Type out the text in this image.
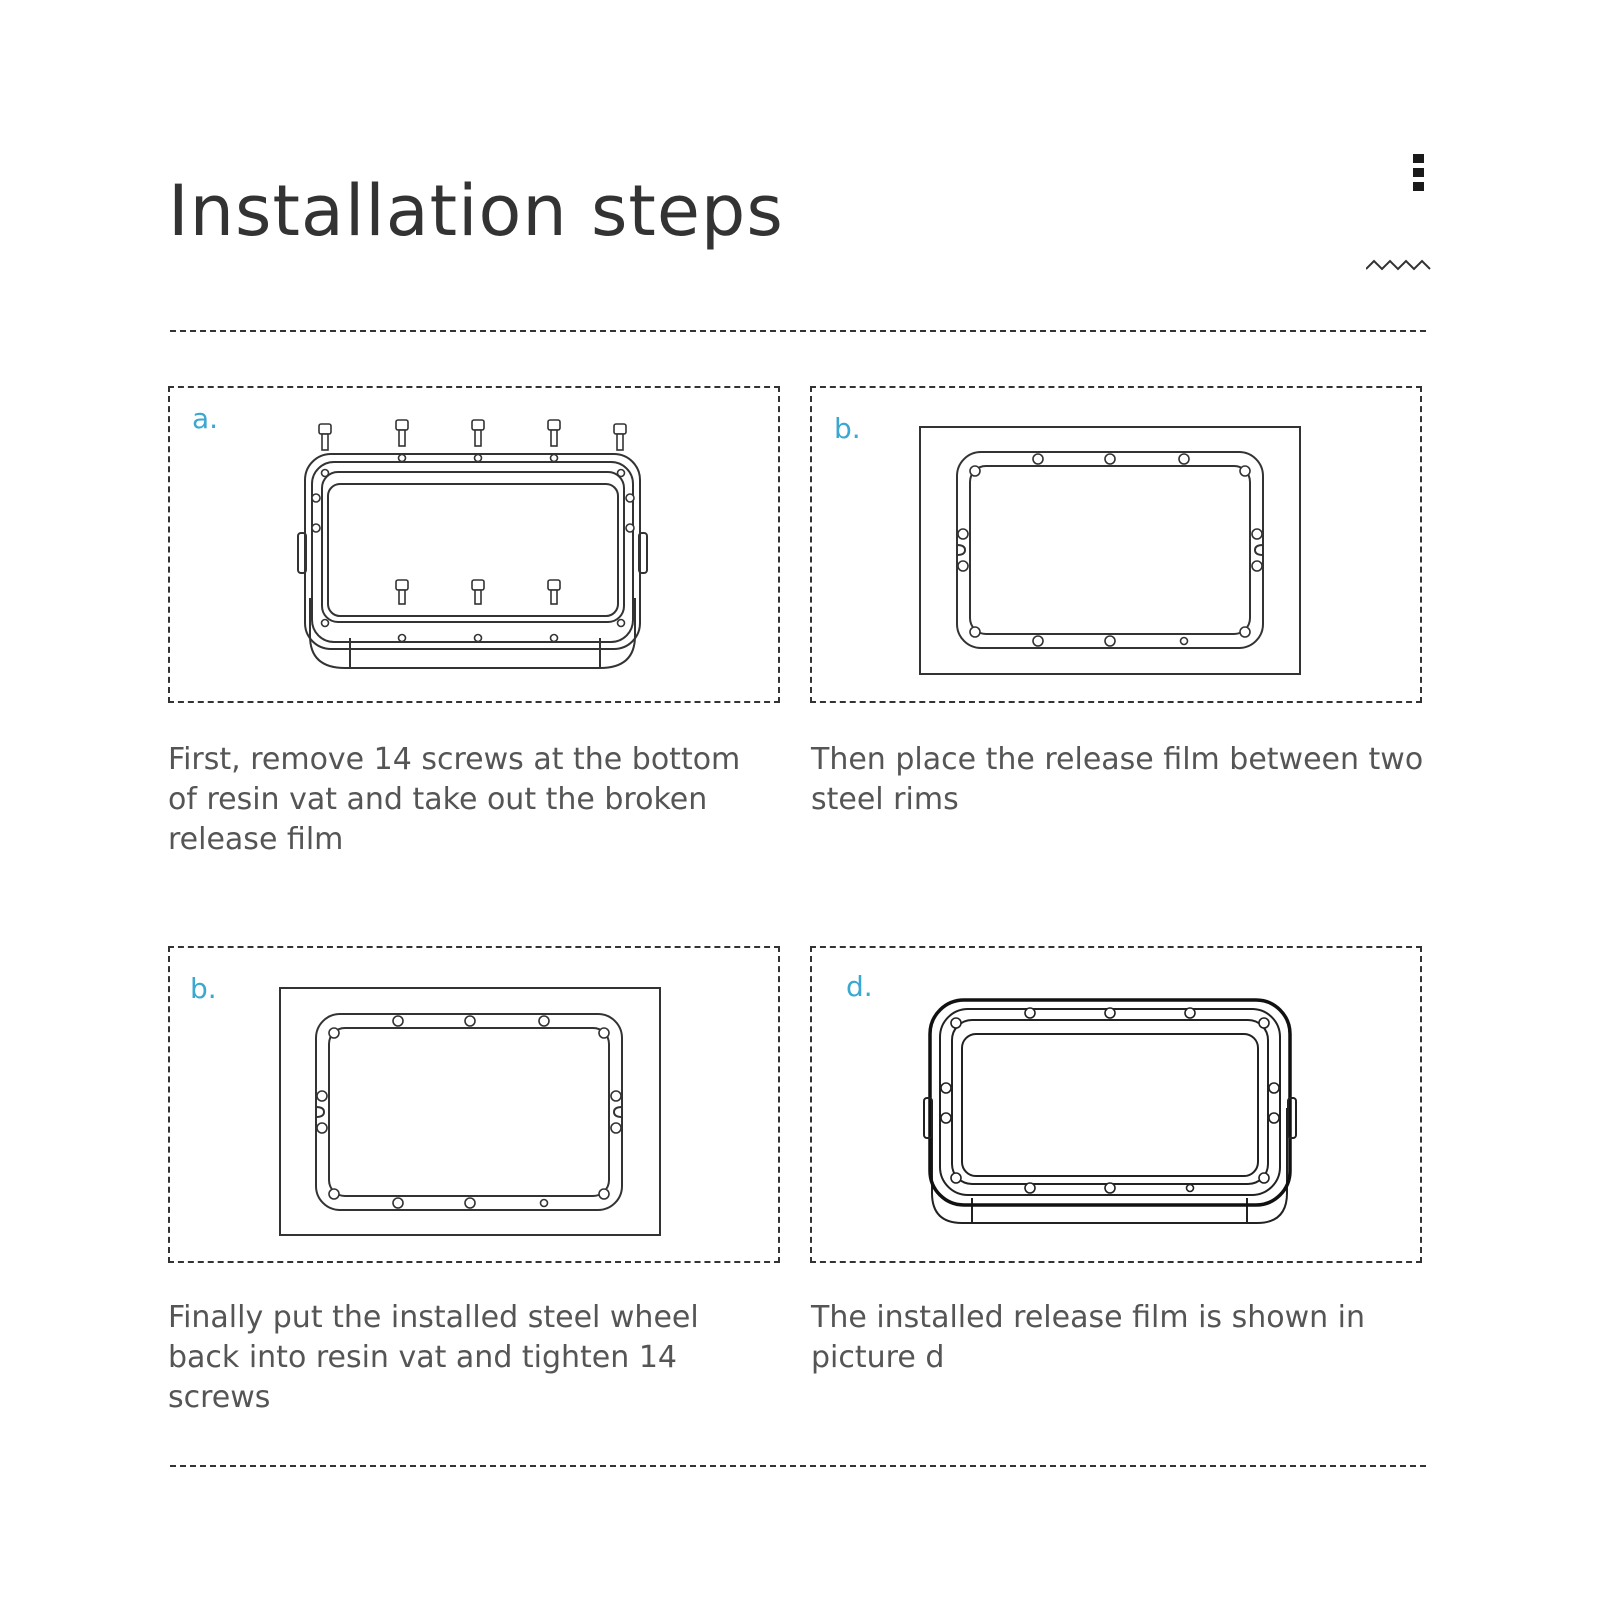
Installation steps
a.	b.
First, remove 14 screws at the bottom of resin vat and take out the broken release film
Then place the release film between two steel rims
b.	d.
Finally put the installed steel wheel back into resin vat and tighten 14 screws
The installed release film is shown in picture d
